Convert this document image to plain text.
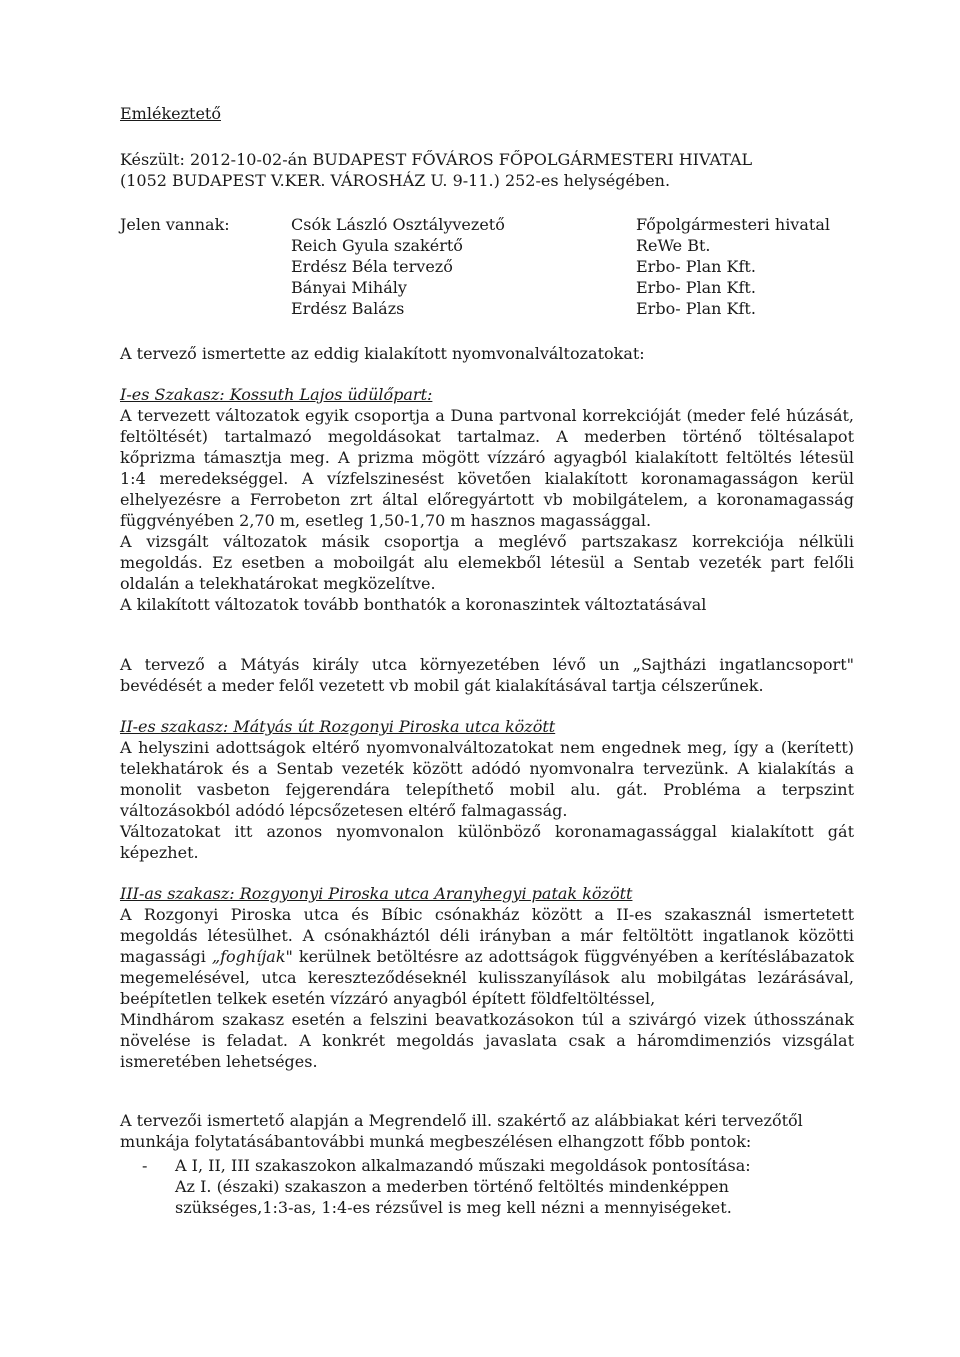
Emlékeztető
Készült: 2012-10-02-án BUDAPEST FŐVÁROS FŐPOLGÁRMESTERI HIVATAL
(1052 BUDAPEST V.KER. VÁROSHÁZ U. 9-11.) 252-es helységében.
Jelen vannak:	Csók László Osztályvezető	Főpolgármesteri hivatal
Reich Gyula szakértő	ReWe Bt.
Erdész Béla tervező	Erbo- Plan Kft.
Bányai Mihály	Erbo- Plan Kft.
Erdész Balázs	Erbo- Plan Kft.
A tervező ismertette az eddig kialakított nyomvonalváltozatokat:

I-es Szakasz: Kossuth Lajos üdülőpart:

A tervezett változatok egyik csoportja a Duna partvonal korrekcióját (meder felé húzását, feltöltését) tartalmazó megoldásokat tartalmaz. A mederben történő töltésalapot kőprizma támasztja meg. A prizma mögött vízzáró agyagból kialakított feltöltés létesül 1:4 meredekséggel. A vízfelszinesést követően kialakított koronamagasságon kerül elhelyezésre a Ferrobeton zrt által előregyártott vb mobilgátelem, a koronamagasság függvényében 2,70 m, esetleg 1,50-1,70 m hasznos magassággal.

A vizsgált változatok másik csoportja a meglévő partszakasz korrekciója nélküli megoldás. Ez esetben a moboilgát alu elemekből létesül a Sentab vezeték part felőli oldalán a telekhatárokat megközelítve.

A kilakított változatok tovább bonthatók a koronaszintek változtatásával

A tervező a Mátyás király utca környezetében lévő un „Sajtházi ingatlancsoport" bevédését a meder felől vezetett vb mobil gát kialakításával tartja célszerűnek.

II-es szakasz: Mátyás út Rozgonyi Piroska utca között

A helyszini adottságok eltérő nyomvonalváltozatokat nem engednek meg, így a (kerített) telekhatárok és a Sentab vezeték között adódó nyomvonalra tervezünk. A kialakítás a monolit vasbeton fejgerendára telepíthető mobil alu. gát. Probléma a terpszint változásokból adódó lépcsőzetesen eltérő falmagasság.

Változatokat itt azonos nyomvonalon különböző koronamagassággal kialakított gát képezhet.

III-as szakasz: Rozgyonyi Piroska utca Aranyhegyi patak között

A Rozgonyi Piroska utca és Bíbic csónakház között a II-es szakasznál ismertetett megoldás létesülhet. A csónakháztól déli irányban a már feltöltött ingatlanok közötti magassági „foghíjak" kerülnek betöltésre az adottságok függvényében a kerítéslábazatok megemelésével, utca kereszteződéseknél kulisszanyílások alu mobilgátas lezárásával, beépítetlen telkek esetén vízzáró anyagból épített földfeltöltéssel,

Mindhárom szakasz esetén a felszini beavatkozásokon túl a szivárgó vizek úthosszának növelése is feladat. A konkrét megoldás javaslata csak a háromdimenziós vizsgálat ismeretében lehetséges.

A tervezői ismertető alapján a Megrendelő ill. szakértő az alábbiakat kéri tervezőtől
munkája folytatásábantovábbi munká megbeszélésen elhangzott főbb pontok:
- A I, II, III szakaszokon alkalmazandó műszaki megoldások pontosítása:
Az I. (északi) szakaszon a mederben történő feltöltés mindenképpen
szükséges,1:3-as, 1:4-es rézsűvel is meg kell nézni a mennyiségeket.
